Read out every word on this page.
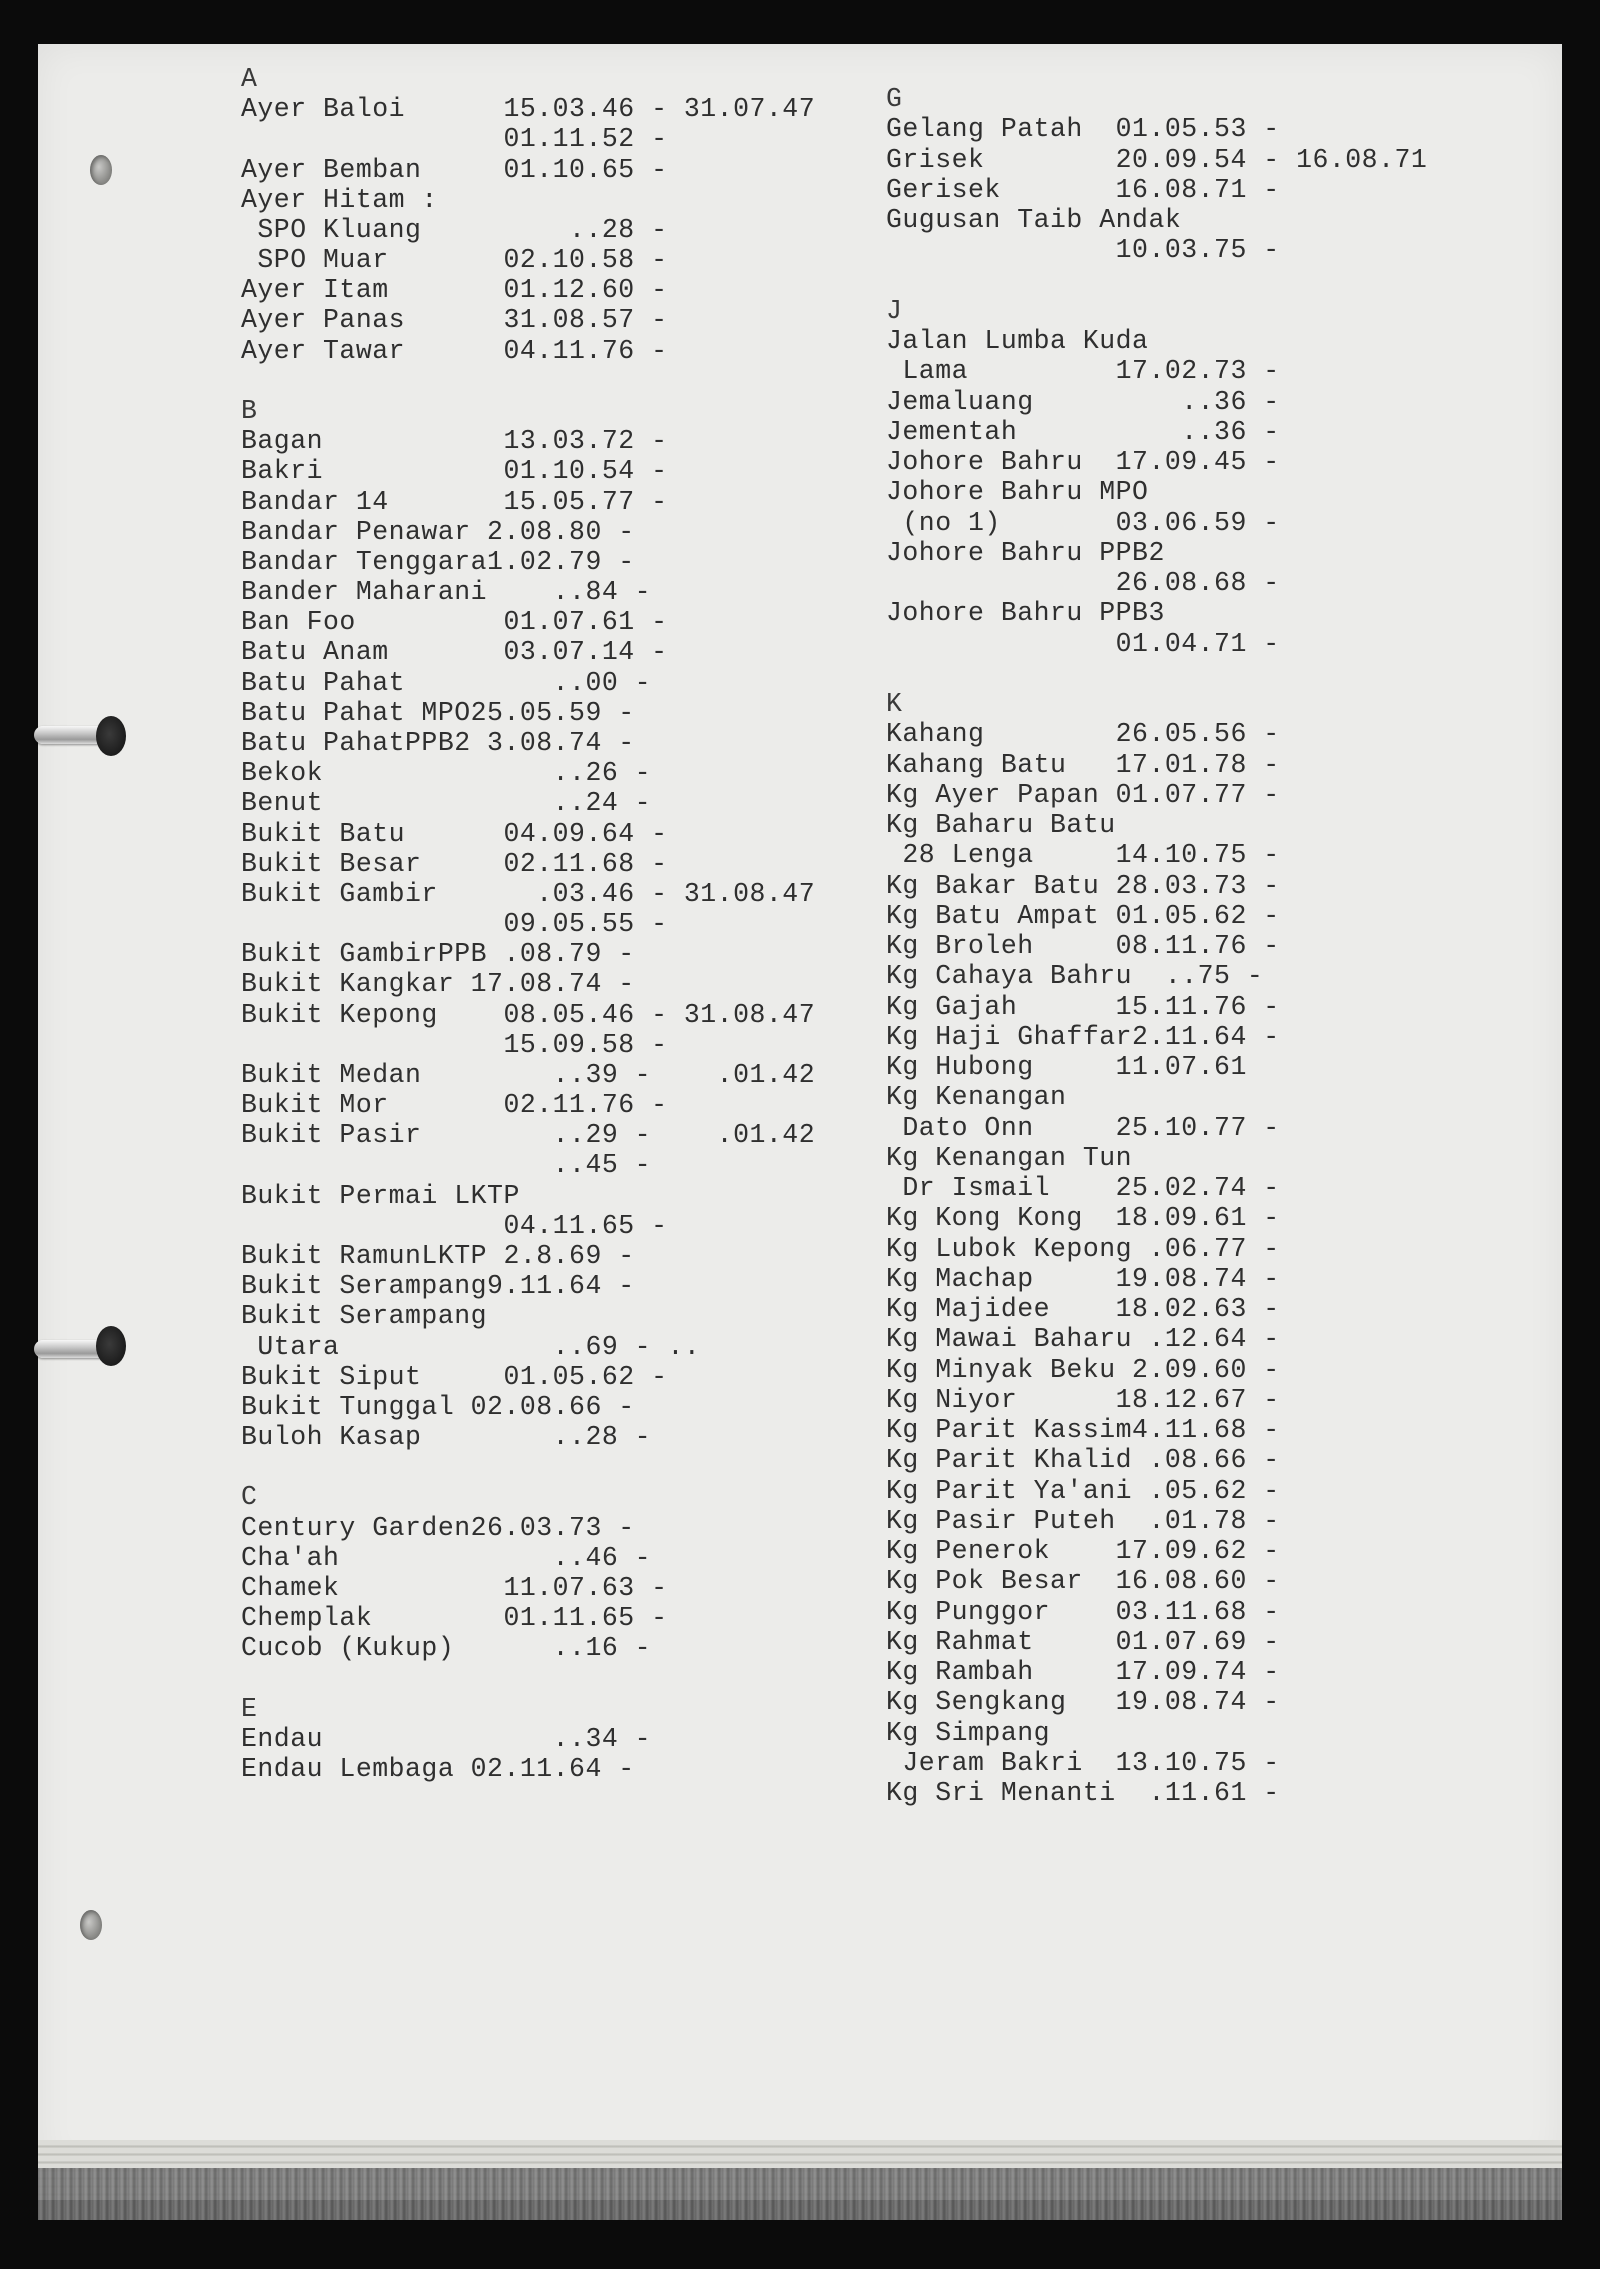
A
Ayer Baloi      15.03.46 - 31.07.47
01.11.52 -
Ayer Bemban     01.10.65 -
Ayer Hitam :
SPO Kluang         ..28 -
SPO Muar       02.10.58 -
Ayer Itam       01.12.60 -
Ayer Panas      31.08.57 -
Ayer Tawar      04.11.76 -
B
Bagan           13.03.72 -
Bakri           01.10.54 -
Bandar 14       15.05.77 -
Bandar Penawar 2.08.80 -
Bandar Tenggara1.02.79 -
Bander Maharani    ..84 -
Ban Foo         01.07.61 -
Batu Anam       03.07.14 -
Batu Pahat         ..00 -
Batu Pahat MPO25.05.59 -
Batu PahatPPB2 3.08.74 -
Bekok              ..26 -
Benut              ..24 -
Bukit Batu      04.09.64 -
Bukit Besar     02.11.68 -
Bukit Gambir      .03.46 - 31.08.47
09.05.55 -
Bukit GambirPPB .08.79 -
Bukit Kangkar 17.08.74 -
Bukit Kepong    08.05.46 - 31.08.47
15.09.58 -
Bukit Medan        ..39 -    .01.42
Bukit Mor       02.11.76 -
Bukit Pasir        ..29 -    .01.42
..45 -
Bukit Permai LKTP
04.11.65 -
Bukit RamunLKTP 2.8.69 -
Bukit Serampang9.11.64 -
Bukit Serampang
Utara             ..69 - ..
Bukit Siput     01.05.62 -
Bukit Tunggal 02.08.66 -
Buloh Kasap        ..28 -
C
Century Garden26.03.73 -
Cha'ah             ..46 -
Chamek          11.07.63 -
Chemplak        01.11.65 -
Cucob (Kukup)      ..16 -
E
Endau              ..34 -
Endau Lembaga 02.11.64 -
G
Gelang Patah  01.05.53 -
Grisek        20.09.54 - 16.08.71
Gerisek       16.08.71 -
Gugusan Taib Andak
10.03.75 -
J
Jalan Lumba Kuda
Lama         17.02.73 -
Jemaluang         ..36 -
Jementah          ..36 -
Johore Bahru  17.09.45 -
Johore Bahru MPO
(no 1)       03.06.59 -
Johore Bahru PPB2
26.08.68 -
Johore Bahru PPB3
01.04.71 -
K
Kahang        26.05.56 -
Kahang Batu   17.01.78 -
Kg Ayer Papan 01.07.77 -
Kg Baharu Batu
28 Lenga     14.10.75 -
Kg Bakar Batu 28.03.73 -
Kg Batu Ampat 01.05.62 -
Kg Broleh     08.11.76 -
Kg Cahaya Bahru  ..75 -
Kg Gajah      15.11.76 -
Kg Haji Ghaffar2.11.64 -
Kg Hubong     11.07.61
Kg Kenangan
Dato Onn     25.10.77 -
Kg Kenangan Tun
Dr Ismail    25.02.74 -
Kg Kong Kong  18.09.61 -
Kg Lubok Kepong .06.77 -
Kg Machap     19.08.74 -
Kg Majidee    18.02.63 -
Kg Mawai Baharu .12.64 -
Kg Minyak Beku 2.09.60 -
Kg Niyor      18.12.67 -
Kg Parit Kassim4.11.68 -
Kg Parit Khalid .08.66 -
Kg Parit Ya'ani .05.62 -
Kg Pasir Puteh  .01.78 -
Kg Penerok    17.09.62 -
Kg Pok Besar  16.08.60 -
Kg Punggor    03.11.68 -
Kg Rahmat     01.07.69 -
Kg Rambah     17.09.74 -
Kg Sengkang   19.08.74 -
Kg Simpang
Jeram Bakri  13.10.75 -
Kg Sri Menanti  .11.61 -
